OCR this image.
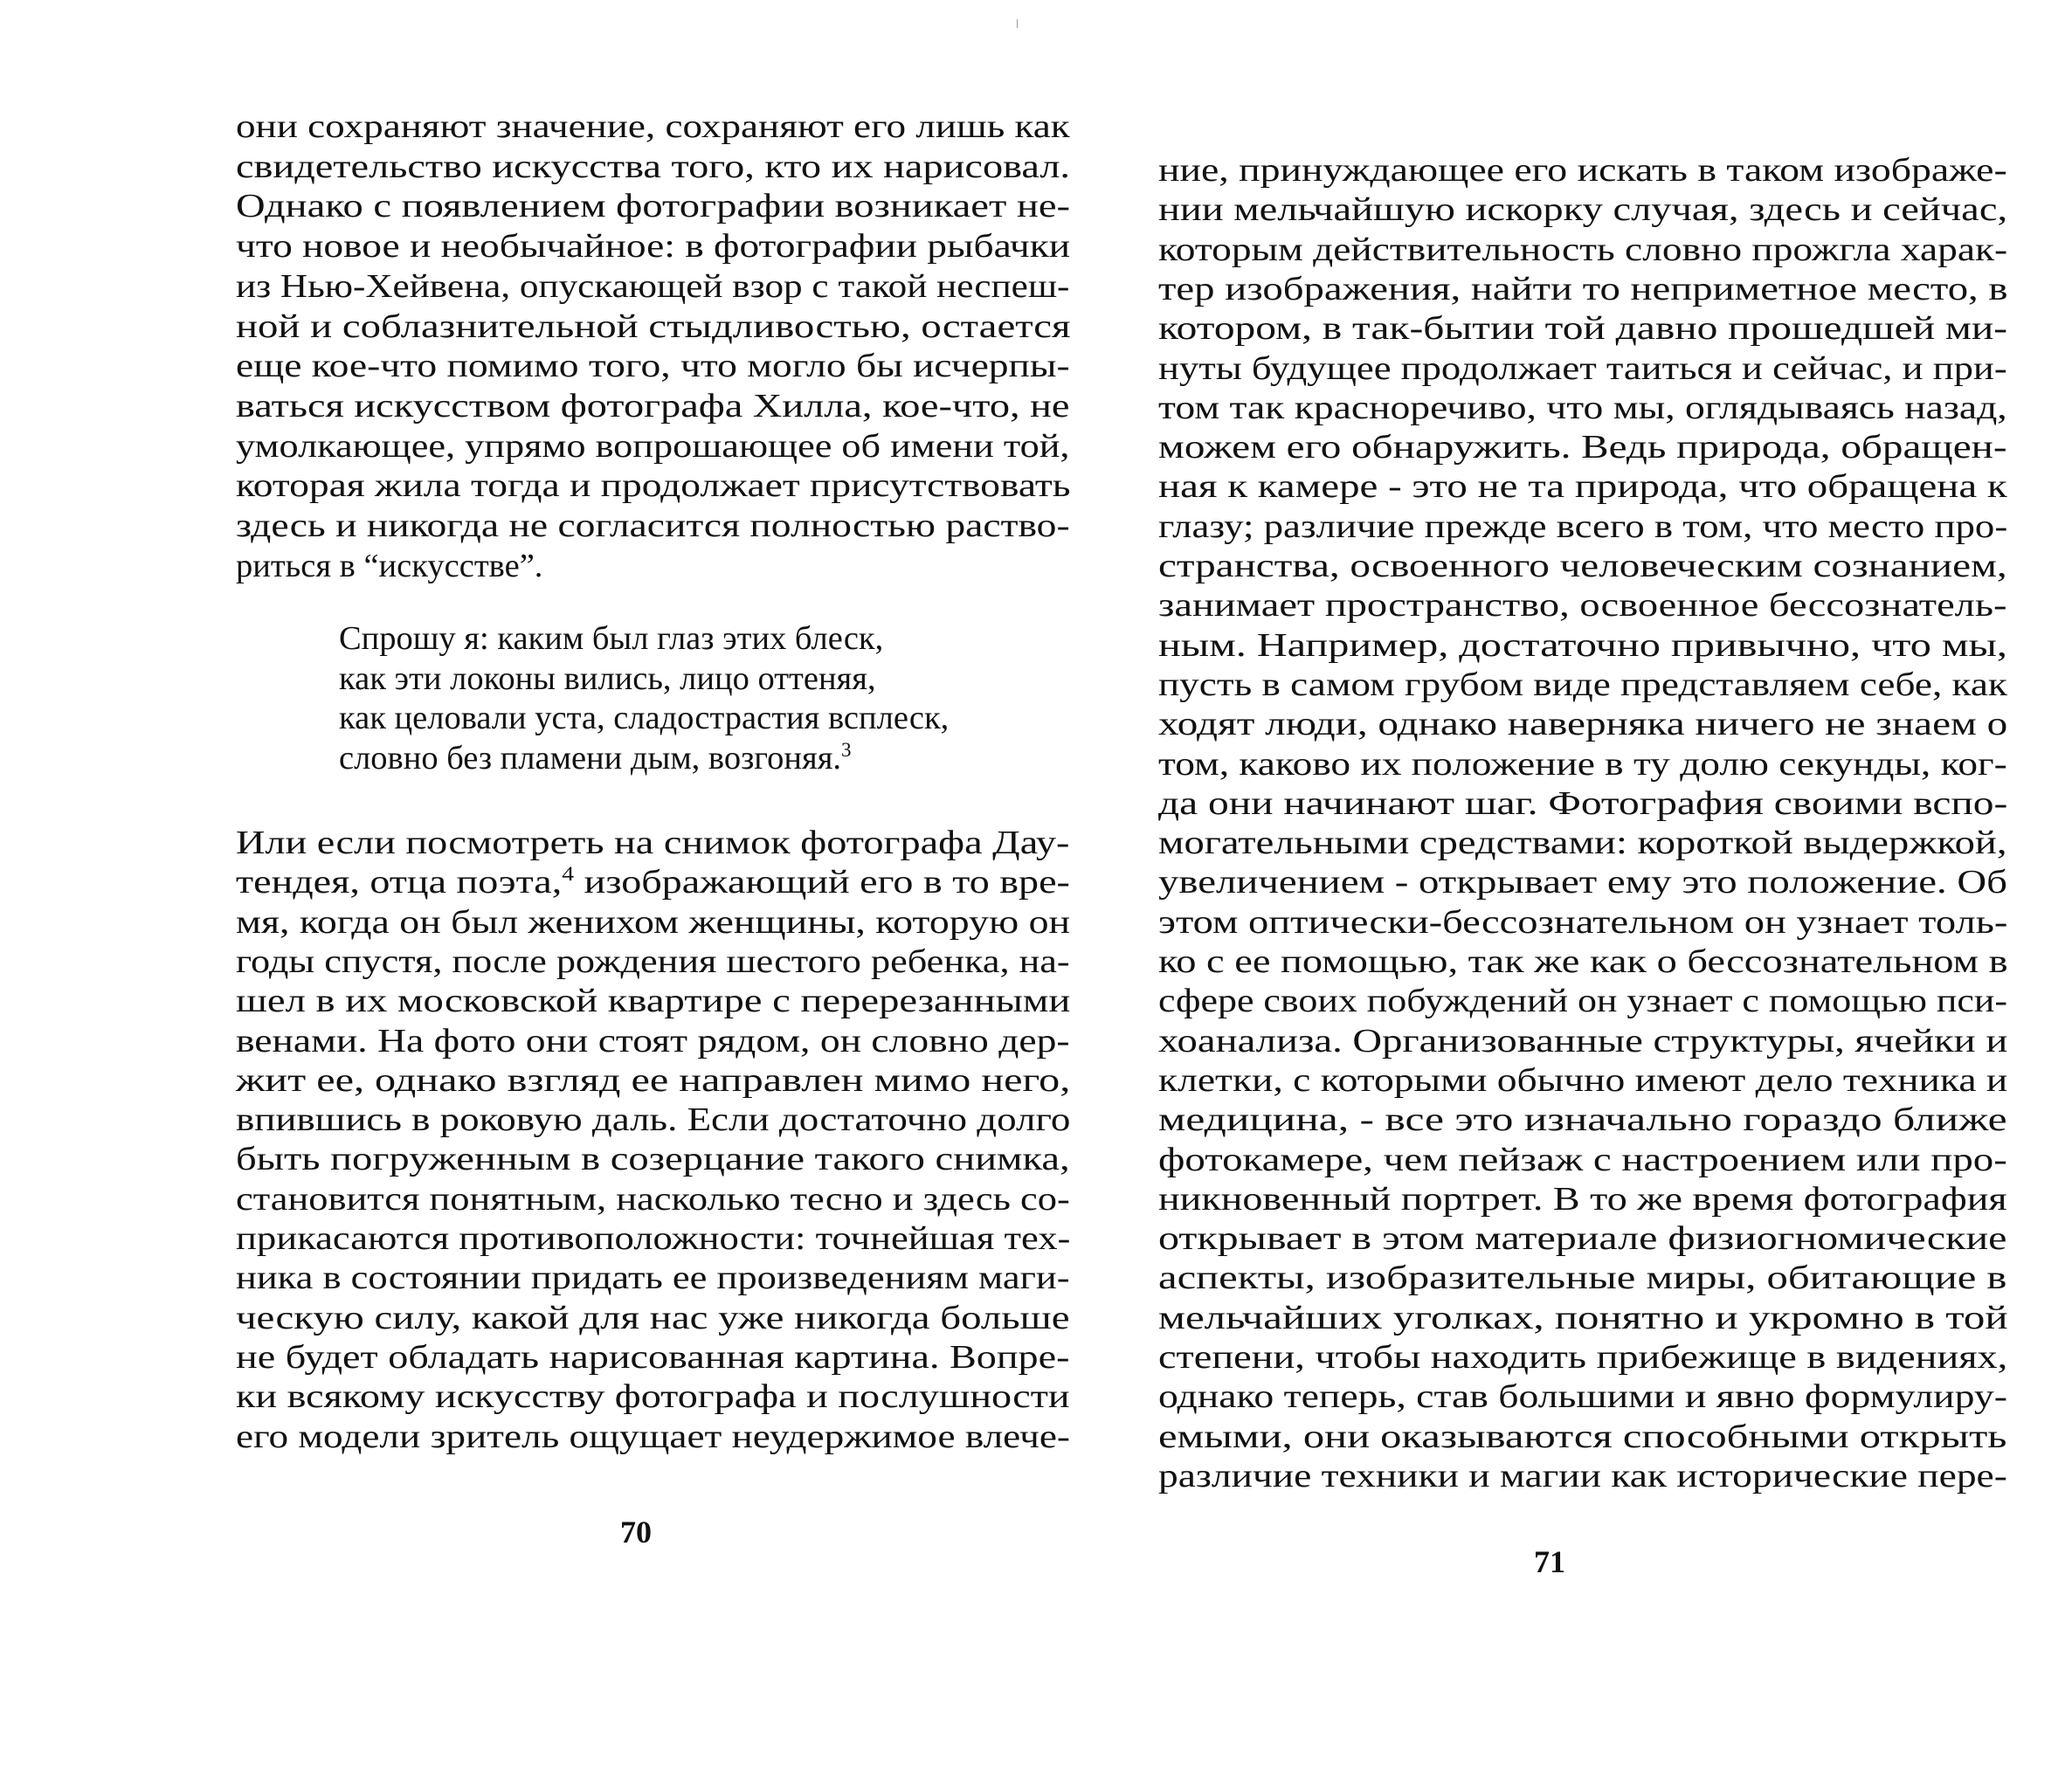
они сохраняют значение, сохраняют его лишь как
свидетельство искусства того, кто их нарисовал.
Однако с появлением фотографии возникает не-
что новое и необычайное: в фотографии рыбачки
из Нью-Хейвена, опускающей взор с такой неспеш-
ной и соблазнительной стыдливостью, остается
еще кое-что помимо того, что могло бы исчерпы-
ваться искусством фотографа Хилла, кое-что, не
умолкающее, упрямо вопрошающее об имени той,
которая жила тогда и продолжает присутствовать
здесь и никогда не согласится полностью раство-
риться в “искусстве”.
Спрошу я: каким был глаз этих блеск,
как эти локоны вились, лицо оттеняя,
как целовали уста, сладострастия всплеск,
словно без пламени дым, возгоняя.$^3$
Или если посмотреть на снимок фотографа Дау-
тендея, отца поэта,$^4$ изображающий его в то вре-
мя, когда он был женихом женщины, которую он
годы спустя, после рождения шестого ребенка, на-
шел в их московской квартире с перерезанными
венами. На фото они стоят рядом, он словно дер-
жит ее, однако взгляд ее направлен мимо него,
впившись в роковую даль. Если достаточно долго
быть погруженным в созерцание такого снимка,
становится понятным, насколько тесно и здесь со-
прикасаются противоположности: точнейшая тех-
ника в состоянии придать ее произведениям маги-
ческую силу, какой для нас уже никогда больше
не будет обладать нарисованная картина. Вопре-
ки всякому искусству фотографа и послушности
его модели зритель ощущает неудержимое влече-
70
ние, принуждающее его искать в таком изображе-
нии мельчайшую искорку случая, здесь и сейчас,
которым действительность словно прожгла харак-
тер изображения, найти то неприметное место, в
котором, в так-бытии той давно прошедшей ми-
нуты будущее продолжает таиться и сейчас, и при-
том так красноречиво, что мы, оглядываясь назад,
можем его обнаружить. Ведь природа, обращен-
ная к камере - это не та природа, что обращена к
глазу; различие прежде всего в том, что место про-
странства, освоенного человеческим сознанием,
занимает пространство, освоенное бессознатель-
ным. Например, достаточно привычно, что мы,
пусть в самом грубом виде представляем себе, как
ходят люди, однако наверняка ничего не знаем о
том, каково их положение в ту долю секунды, ког-
да они начинают шаг. Фотография своими вспо-
могательными средствами: короткой выдержкой,
увеличением - открывает ему это положение. Об
этом оптически-бессознательном он узнает толь-
ко с ее помощью, так же как о бессознательном в
сфере своих побуждений он узнает с помощью пси-
хоанализа. Организованные структуры, ячейки и
клетки, с которыми обычно имеют дело техника и
медицина, - все это изначально гораздо ближе
фотокамере, чем пейзаж с настроением или про-
никновенный портрет. В то же время фотография
открывает в этом материале физиогномические
аспекты, изобразительные миры, обитающие в
мельчайших уголках, понятно и укромно в той
степени, чтобы находить прибежище в видениях,
однако теперь, став большими и явно формулиру-
емыми, они оказываются способными открыть
различие техники и магии как исторические пере-
71
